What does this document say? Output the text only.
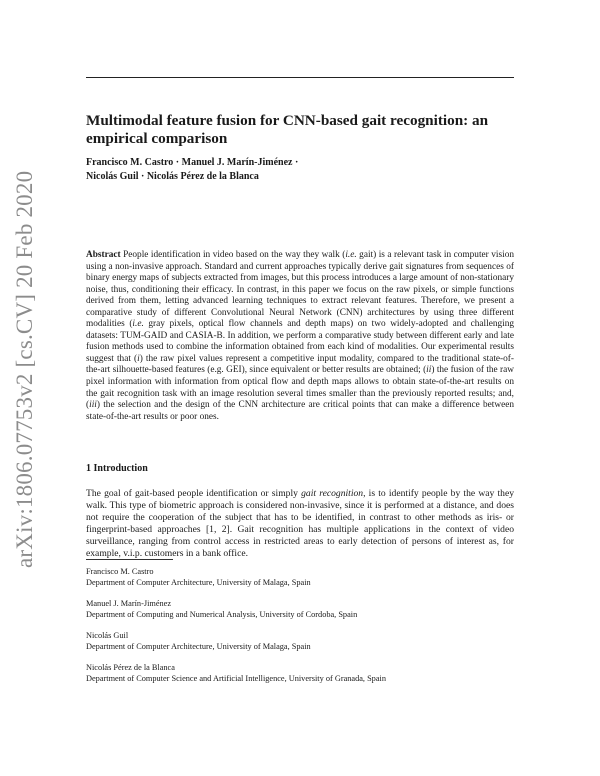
arXiv:1806.07753v2 [cs.CV] 20 Feb 2020
Multimodal feature fusion for CNN-based gait recognition: an empirical comparison
Francisco M. Castro · Manuel J. Marín-Jiménez ·
Nicolás Guil · Nicolás Pérez de la Blanca

Abstract People identification in video based on the way they walk (i.e. gait) is a relevant task in computer vision using a non-invasive approach. Standard and current approaches typically derive gait signatures from sequences of binary energy maps of subjects extracted from images, but this process introduces a large amount of non-stationary noise, thus, conditioning their efficacy. In contrast, in this paper we focus on the raw pixels, or simple functions derived from them, letting advanced learning techniques to extract relevant features. Therefore, we present a comparative study of different Convolutional Neural Network (CNN) architectures by using three different modalities (i.e. gray pixels, optical flow channels and depth maps) on two widely-adopted and challenging datasets: TUM-GAID and CASIA-B. In addition, we perform a comparative study between different early and late fusion methods used to combine the information obtained from each kind of modalities. Our experimental results suggest that (i) the raw pixel values represent a competitive input modality, compared to the traditional state-of-the-art silhouette-based features (e.g. GEI), since equivalent or better results are obtained; (ii) the fusion of the raw pixel information with information from optical flow and depth maps allows to obtain state-of-the-art results on the gait recognition task with an image resolution several times smaller than the previously reported results; and, (iii) the selection and the design of the CNN architecture are critical points that can make a difference between state-of-the-art results or poor ones.

1 Introduction

The goal of gait-based people identification or simply gait recognition, is to identify people by the way they walk. This type of biometric approach is considered non-invasive, since it is performed at a distance, and does not require the cooperation of the subject that has to be identified, in contrast to other methods as iris- or fingerprint-based approaches [1, 2]. Gait recognition has multiple applications in the context of video surveillance, ranging from control access in restricted areas to early detection of persons of interest as, for example, v.i.p. customers in a bank office.

Francisco M. Castro
Department of Computer Architecture, University of Malaga, Spain
Manuel J. Marín-Jiménez
Department of Computing and Numerical Analysis, University of Cordoba, Spain
Nicolás Guil
Department of Computer Architecture, University of Malaga, Spain
Nicolás Pérez de la Blanca
Department of Computer Science and Artificial Intelligence, University of Granada, Spain
